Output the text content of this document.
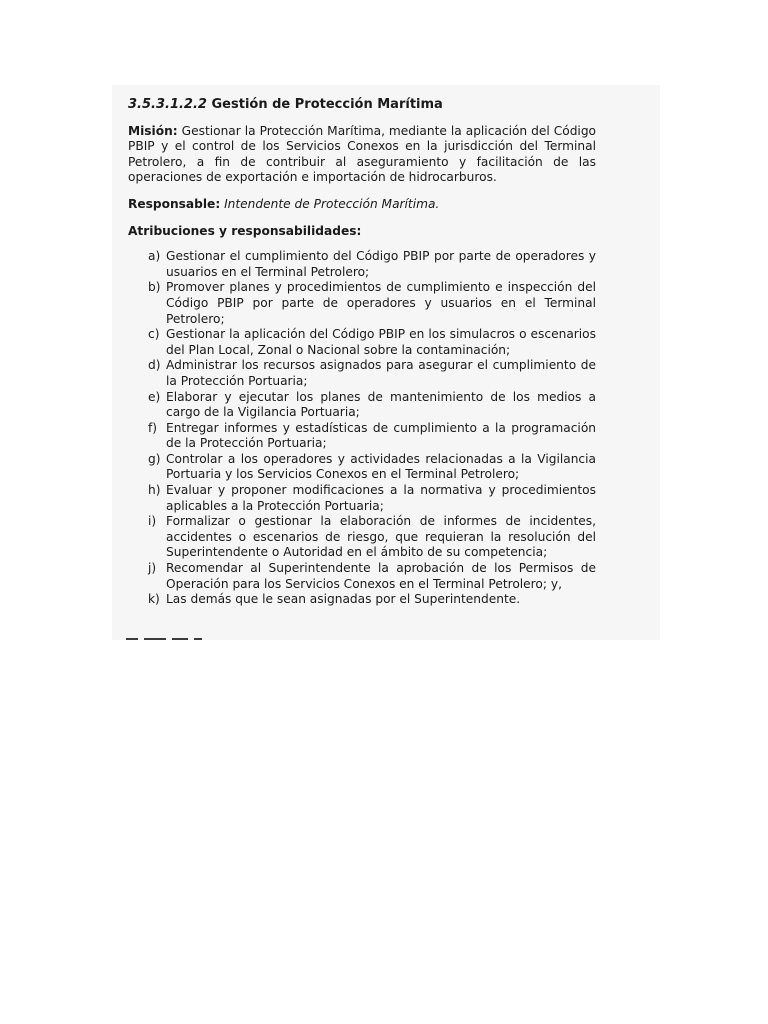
3.5.3.1.2.2 Gestión de Protección Marítima

Misión: Gestionar la Protección Marítima, mediante la aplicación del Código PBIP y el control de los Servicios Conexos en la jurisdicción del Terminal Petrolero, a fin de contribuir al aseguramiento y facilitación de las operaciones de exportación e importación de hidrocarburos.

Responsable: Intendente de Protección Marítima.

Atribuciones y responsabilidades:
a) Gestionar el cumplimiento del Código PBIP por parte de operadores y usuarios en el Terminal Petrolero;
b) Promover planes y procedimientos de cumplimiento e inspección del Código PBIP por parte de operadores y usuarios en el Terminal Petrolero;
c) Gestionar la aplicación del Código PBIP en los simulacros o escenarios del Plan Local, Zonal o Nacional sobre la contaminación;
d) Administrar los recursos asignados para asegurar el cumplimiento de la Protección Portuaria;
e) Elaborar y ejecutar los planes de mantenimiento de los medios a cargo de la Vigilancia Portuaria;
f) Entregar informes y estadísticas de cumplimiento a la programación de la Protección Portuaria;
g) Controlar a los operadores y actividades relacionadas a la Vigilancia Portuaria y los Servicios Conexos en el Terminal Petrolero;
h) Evaluar y proponer modificaciones a la normativa y procedimientos aplicables a la Protección Portuaria;
i) Formalizar o gestionar la elaboración de informes de incidentes, accidentes o escenarios de riesgo, que requieran la resolución del Superintendente o Autoridad en el ámbito de su competencia;
j) Recomendar al Superintendente la aprobación de los Permisos de Operación para los Servicios Conexos en el Terminal Petrolero; y,
k) Las demás que le sean asignadas por el Superintendente.
